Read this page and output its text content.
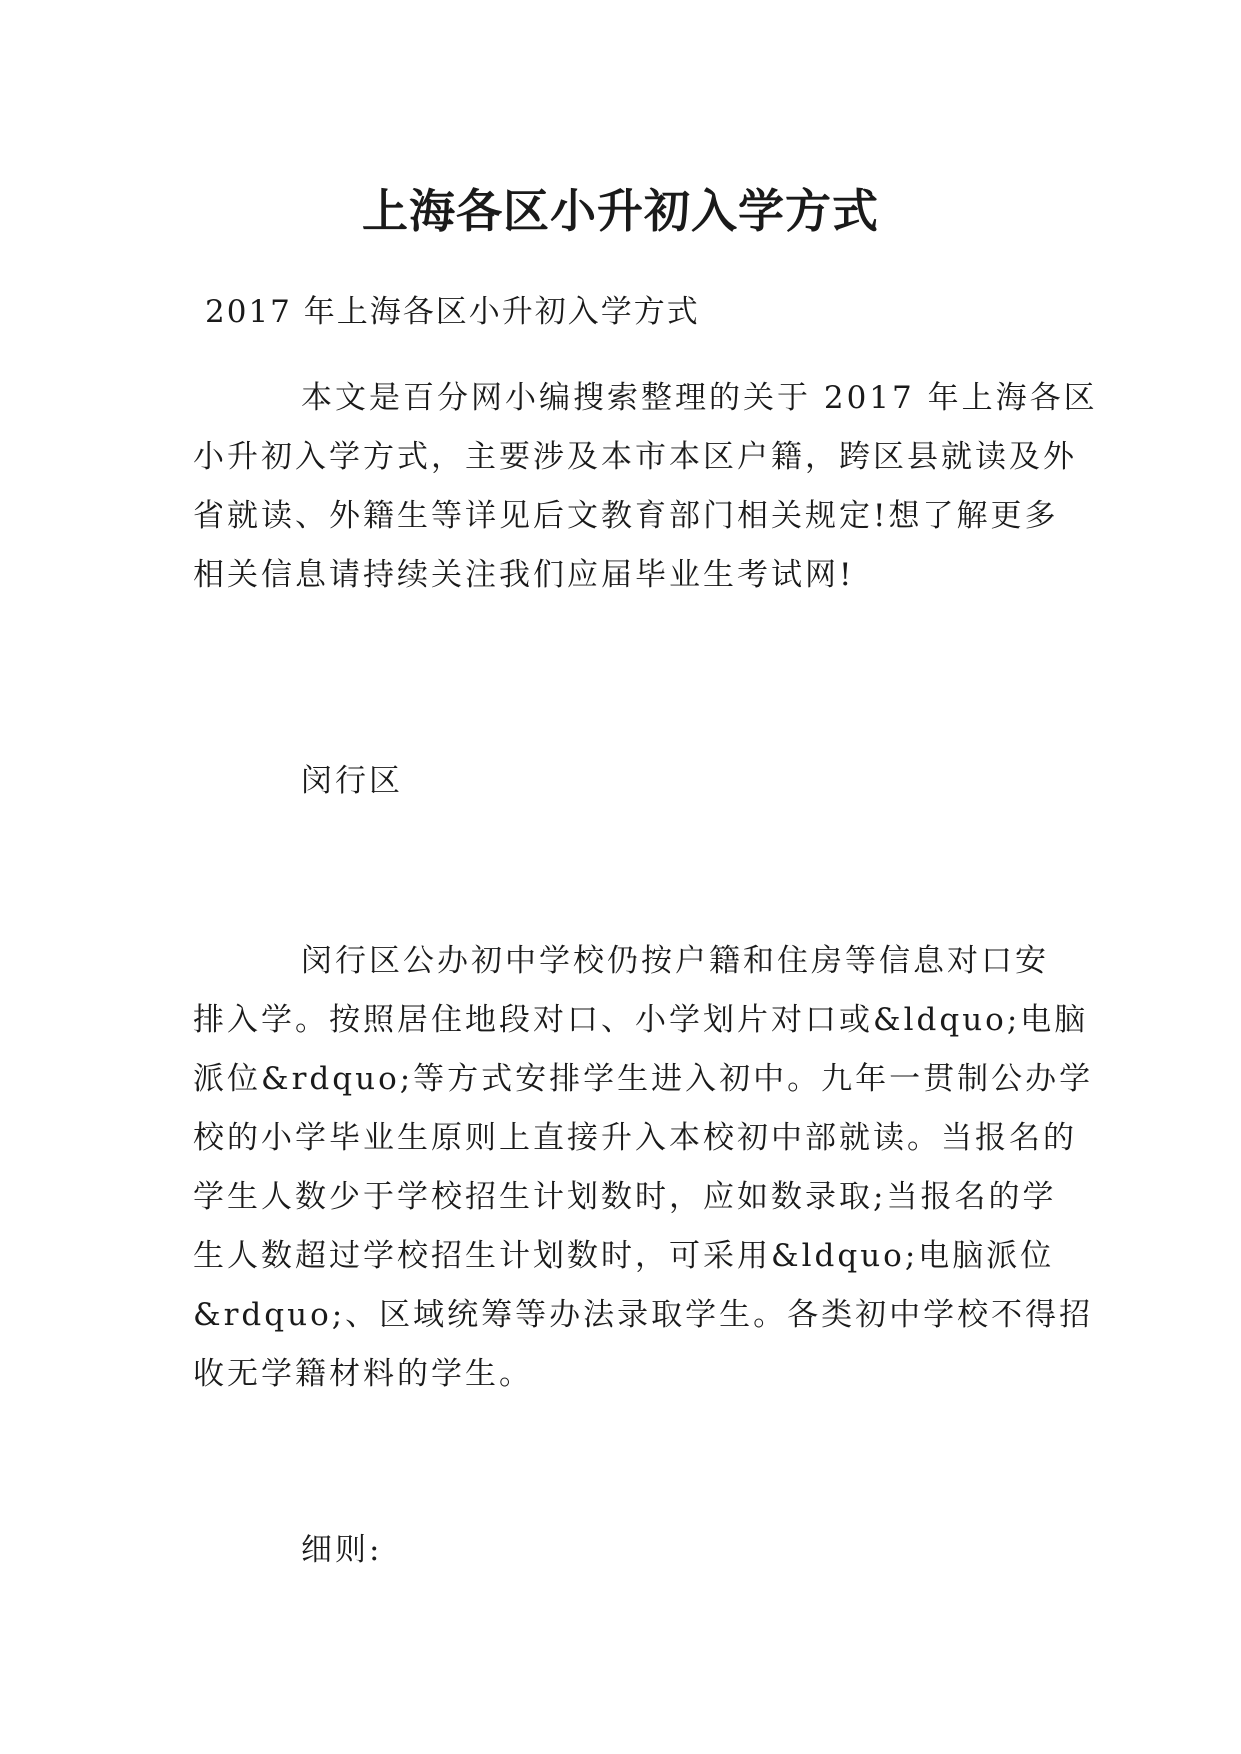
上海各区小升初入学方式
2017 年上海各区小升初入学方式
本文是百分网小编搜索整理的关于 2017 年上海各区
小升初入学方式，主要涉及本市本区户籍，跨区县就读及外
省就读、外籍生等详见后文教育部门相关规定!想了解更多
相关信息请持续关注我们应届毕业生考试网!
闵行区
闵行区公办初中学校仍按户籍和住房等信息对口安
排入学。按照居住地段对口、小学划片对口或&ldquo;电脑
派位&rdquo;等方式安排学生进入初中。九年一贯制公办学
校的小学毕业生原则上直接升入本校初中部就读。当报名的
学生人数少于学校招生计划数时，应如数录取;当报名的学
生人数超过学校招生计划数时，可采用&ldquo;电脑派位
&rdquo;、区域统筹等办法录取学生。各类初中学校不得招
收无学籍材料的学生。
细则:
